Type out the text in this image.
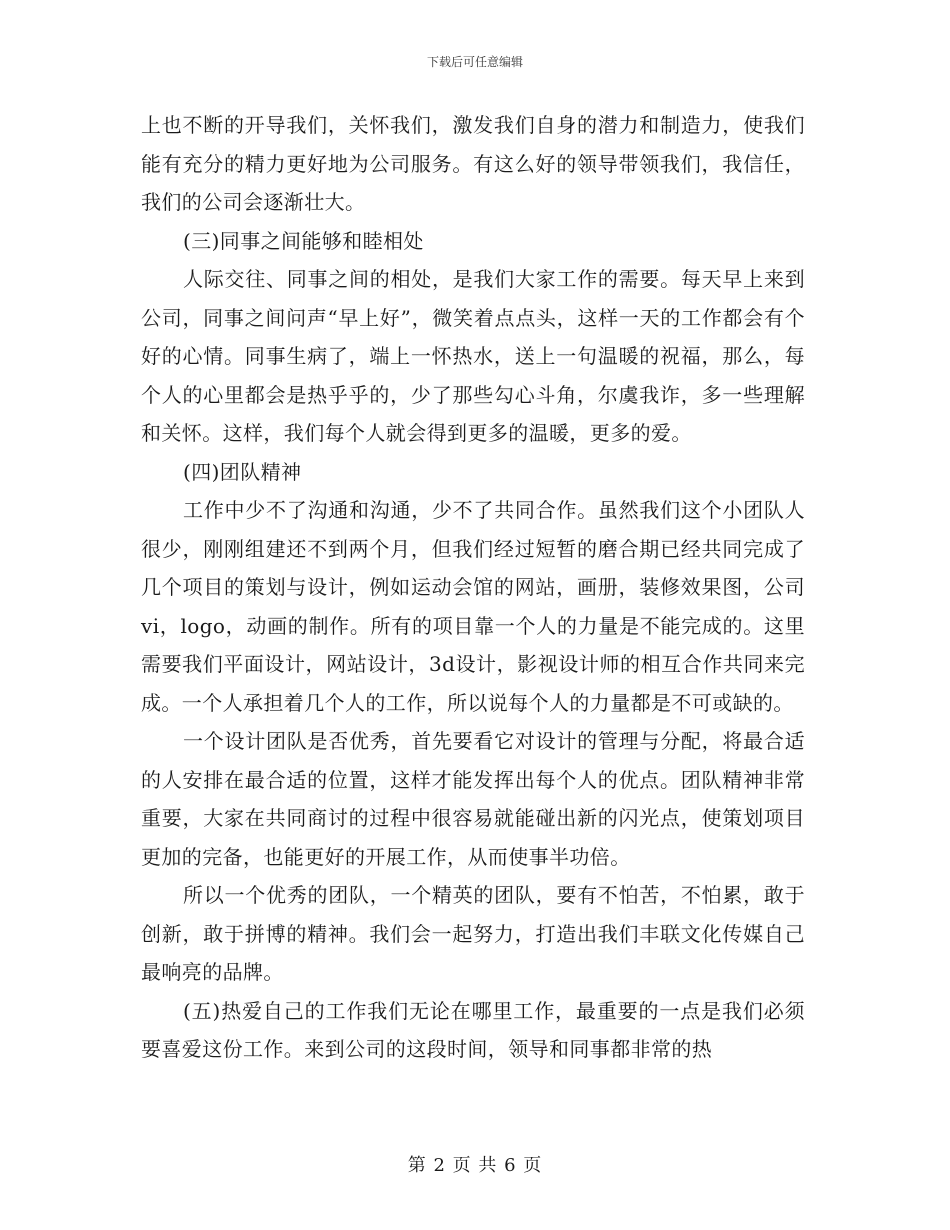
下载后可任意编辑

上也不断的开导我们，关怀我们，激发我们自身的潜力和制造力，使我们能有充分的精力更好地为公司服务。有这么好的领导带领我们，我信任，我们的公司会逐渐壮大。

(三)同事之间能够和睦相处

人际交往、同事之间的相处，是我们大家工作的需要。每天早上来到公司，同事之间问声“早上好”，微笑着点点头，这样一天的工作都会有个好的心情。同事生病了，端上一怀热水，送上一句温暖的祝福，那么，每个人的心里都会是热乎乎的，少了那些勾心斗角，尔虞我诈，多一些理解和关怀。这样，我们每个人就会得到更多的温暖，更多的爱。

(四)团队精神

工作中少不了沟通和沟通，少不了共同合作。虽然我们这个小团队人很少，刚刚组建还不到两个月，但我们经过短暂的磨合期已经共同完成了几个项目的策划与设计，例如运动会馆的网站，画册，装修效果图，公司vi，logo，动画的制作。所有的项目靠一个人的力量是不能完成的。这里需要我们平面设计，网站设计，3d设计，影视设计师的相互合作共同来完成。一个人承担着几个人的工作，所以说每个人的力量都是不可或缺的。

一个设计团队是否优秀，首先要看它对设计的管理与分配，将最合适的人安排在最合适的位置，这样才能发挥出每个人的优点。团队精神非常重要，大家在共同商讨的过程中很容易就能碰出新的闪光点，使策划项目更加的完备，也能更好的开展工作，从而使事半功倍。

所以一个优秀的团队，一个精英的团队，要有不怕苦，不怕累，敢于创新，敢于拼博的精神。我们会一起努力，打造出我们丰联文化传媒自己最响亮的品牌。

(五)热爱自己的工作我们无论在哪里工作，最重要的一点是我们必须要喜爱这份工作。来到公司的这段时间，领导和同事都非常的热

第 2 页 共 6 页
